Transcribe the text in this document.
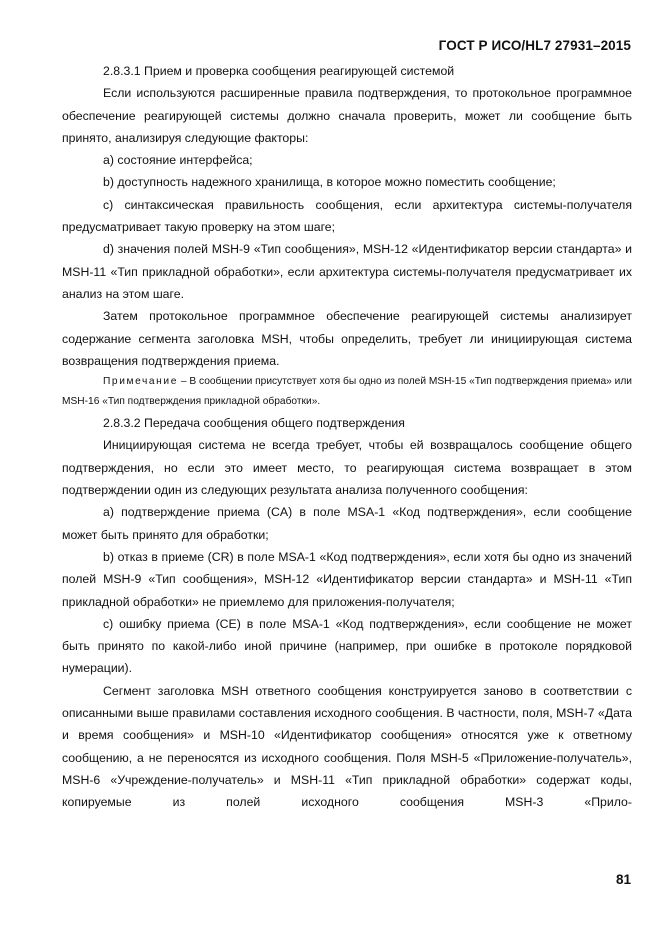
ГОСТ Р ИСО/HL7 27931–2015

2.8.3.1 Прием и проверка сообщения реагирующей системой

Если используются расширенные правила подтверждения, то протокольное программное обеспечение реагирующей системы должно сначала проверить, может ли сообщение быть принято, анализируя следующие факторы:

a) состояние интерфейса;

b) доступность надежного хранилища, в которое можно поместить сообщение;

c) синтаксическая правильность сообщения, если архитектура системы-получателя предусматривает такую проверку на этом шаге;

d) значения полей MSH-9 «Тип сообщения», MSH-12 «Идентификатор версии стандарта» и MSH-11 «Тип прикладной обработки», если архитектура системы-получателя предусматривает их анализ на этом шаге.

Затем протокольное программное обеспечение реагирующей системы анализирует содержание сегмента заголовка MSH, чтобы определить, требует ли инициирующая система возвращения подтверждения приема.

Примечание – В сообщении присутствует хотя бы одно из полей MSH-15 «Тип подтверждения приема» или MSH-16 «Тип подтверждения прикладной обработки».

2.8.3.2 Передача сообщения общего подтверждения

Инициирующая система не всегда требует, чтобы ей возвращалось сообщение общего подтверждения, но если это имеет место, то реагирующая система возвращает в этом подтверждении один из следующих результата анализа полученного сообщения:

a) подтверждение приема (CA) в поле MSA-1 «Код подтверждения», если сообщение может быть принято для обработки;

b) отказ в приеме (CR) в поле MSA-1 «Код подтверждения», если хотя бы одно из значений полей MSH-9 «Тип сообщения», MSH-12 «Идентификатор версии стандарта» и MSH-11 «Тип прикладной обработки» не приемлемо для приложения-получателя;

c) ошибку приема (CE) в поле MSA-1 «Код подтверждения», если сообщение не может быть принято по какой-либо иной причине (например, при ошибке в протоколе порядковой нумерации).

Сегмент заголовка MSH ответного сообщения конструируется заново в соответствии с описанными выше правилами составления исходного сообщения. В частности, поля, MSH-7 «Дата и время сообщения» и MSH-10 «Идентификатор сообщения» относятся уже к ответному сообщению, а не переносятся из исходного сообщения. Поля MSH-5 «Приложение-получатель», MSH-6 «Учреждение-получатель» и MSH-11 «Тип прикладной обработки» содержат коды, копируемые из полей исходного сообщения MSH-3 «Прило-

81
